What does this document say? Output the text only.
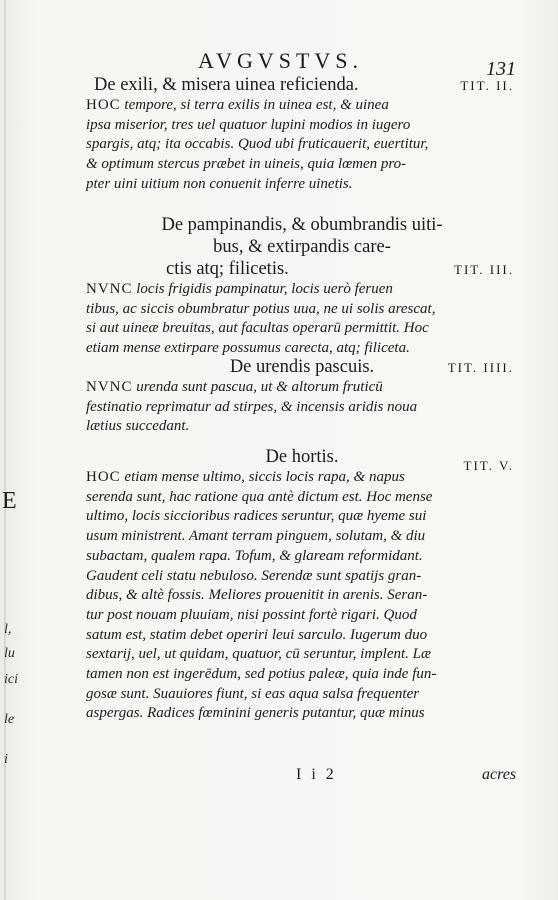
AVGVSTVS.	131

De exili, & misera uinea reficienda.	TIT. II.

HOC tempore, si terra exilis in uinea est, & uinea
ipsa miserior, tres uel quatuor lupini modios in iugero
spargis, atq; ita occabis. Quod ubi fruticauerit, euertitur,
& optimum stercus præbet in uineis, quia lœmen pro-
pter uini uitium non conuenit inferre uinetis.

De pampinandis, & obumbrandis uiti-
bus, & extirpandis care-
ctis atq; filicetis.	TIT. III.

NVNC locis frigidis pampinatur, locis uerò feruen
tibus, ac siccis obumbratur potius uua, ne ui solis arescat,
si aut uineæ breuitas, aut facultas operarū permittit. Hoc
etiam mense extirpare possumus carecta, atq; filiceta.

De urendis pascuis.	TIT. IIII.

NVNC urenda sunt pascua, ut & altorum fruticū
festinatio reprimatur ad stirpes, & incensis aridis noua
lætius succedant.

De hortis.	TIT. V.

HOC etiam mense ultimo, siccis locis rapa, & napus
serenda sunt, hac ratione qua antè dictum est. Hoc mense
ultimo, locis siccioribus radices seruntur, quæ hyeme sui
usum ministrent. Amant terram pinguem, solutam, & diu
subactam, qualem rapa. Tofum, & glaream reformidant.
Gaudent celi statu nebuloso. Serendæ sunt spatijs gran-
dibus, & altè fossis. Meliores prouenitit in arenis. Seran-
tur post nouam pluuiam, nisi possint fortè rigari. Quod
satum est, statim debet operiri leui sarculo. Iugerum duo
sextarij, uel, ut quidam, quatuor, cū seruntur, implent. Læ
tamen non est ingerēdum, sed potius paleæ, quia inde fun-
gosæ sunt. Suauiores fiunt, si eas aqua salsa frequenter
aspergas. Radices fœminini generis putantur, quæ minus

E
l,
lu
ici
le
i
I i 2	acres
